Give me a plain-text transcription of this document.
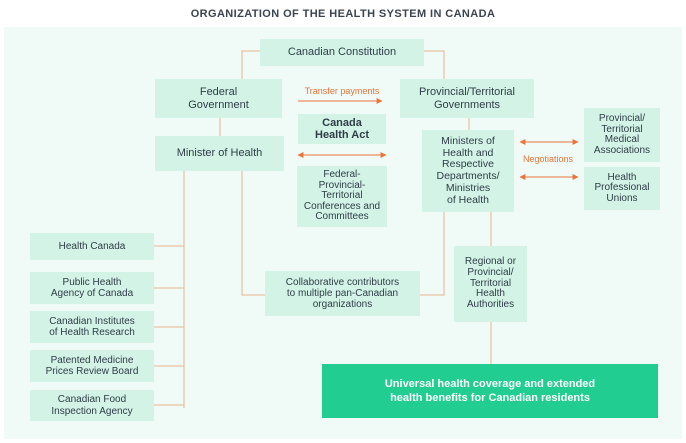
ORGANIZATION OF THE HEALTH SYSTEM IN CANADA
Canadian Constitution
Federal
Government
Provincial/Territorial
Governments
Transfer payments
Canada
Health Act
Minister of Health
Federal-
Provincial-
Territorial
Conferences and
Committees
Ministers of
Health and
Respective
Departments/
Ministries
of Health
Negotiations
Provincial/
Territorial
Medical
Associations
Health
Professional
Unions
Regional or
Provincial/
Territorial
Health
Authorities
Collaborative contributors
to multiple pan-Canadian
organizations
Health Canada
Public Health
Agency of Canada
Canadian Institutes
of Health Research
Patented Medicine
Prices Review Board
Canadian Food
Inspection Agency
Universal health coverage and extended
health benefits for Canadian residents
